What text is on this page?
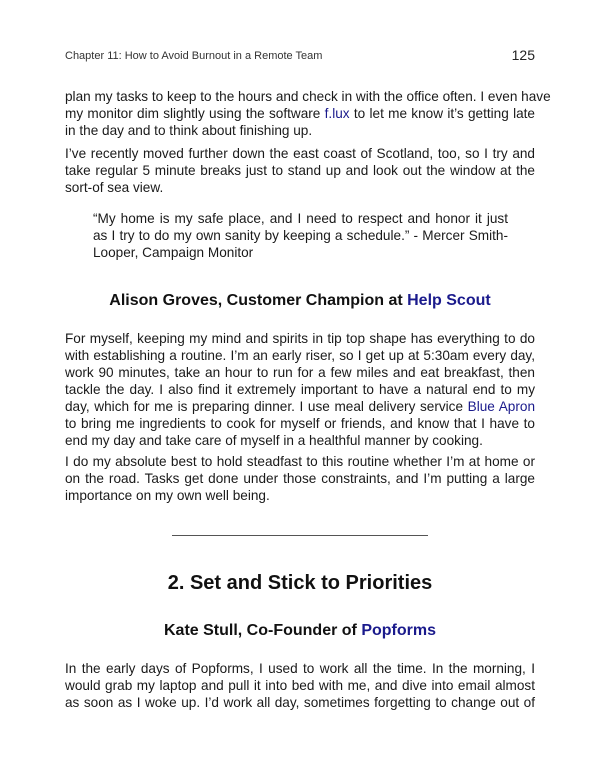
Chapter 11: How to Avoid Burnout in a Remote Team	125
plan my tasks to keep to the hours and check in with the office often. I even have
my monitor dim slightly using the software f.lux to let me know it’s getting late
in the day and to think about finishing up.
I’ve recently moved further down the east coast of Scotland, too, so I try and
take regular 5 minute breaks just to stand up and look out the window at the
sort-of sea view.
“My home is my safe place, and I need to respect and honor it just
as I try to do my own sanity by keeping a schedule.” - Mercer Smith-
Looper, Campaign Monitor
Alison Groves, Customer Champion at Help Scout
For myself, keeping my mind and spirits in tip top shape has everything to do
with establishing a routine. I’m an early riser, so I get up at 5:30am every day,
work 90 minutes, take an hour to run for a few miles and eat breakfast, then
tackle the day. I also find it extremely important to have a natural end to my
day, which for me is preparing dinner. I use meal delivery service Blue Apron
to bring me ingredients to cook for myself or friends, and know that I have to
end my day and take care of myself in a healthful manner by cooking.
I do my absolute best to hold steadfast to this routine whether I’m at home or
on the road. Tasks get done under those constraints, and I’m putting a large
importance on my own well being.
2. Set and Stick to Priorities
Kate Stull, Co-Founder of Popforms
In the early days of Popforms, I used to work all the time. In the morning, I
would grab my laptop and pull it into bed with me, and dive into email almost
as soon as I woke up. I’d work all day, sometimes forgetting to change out of
